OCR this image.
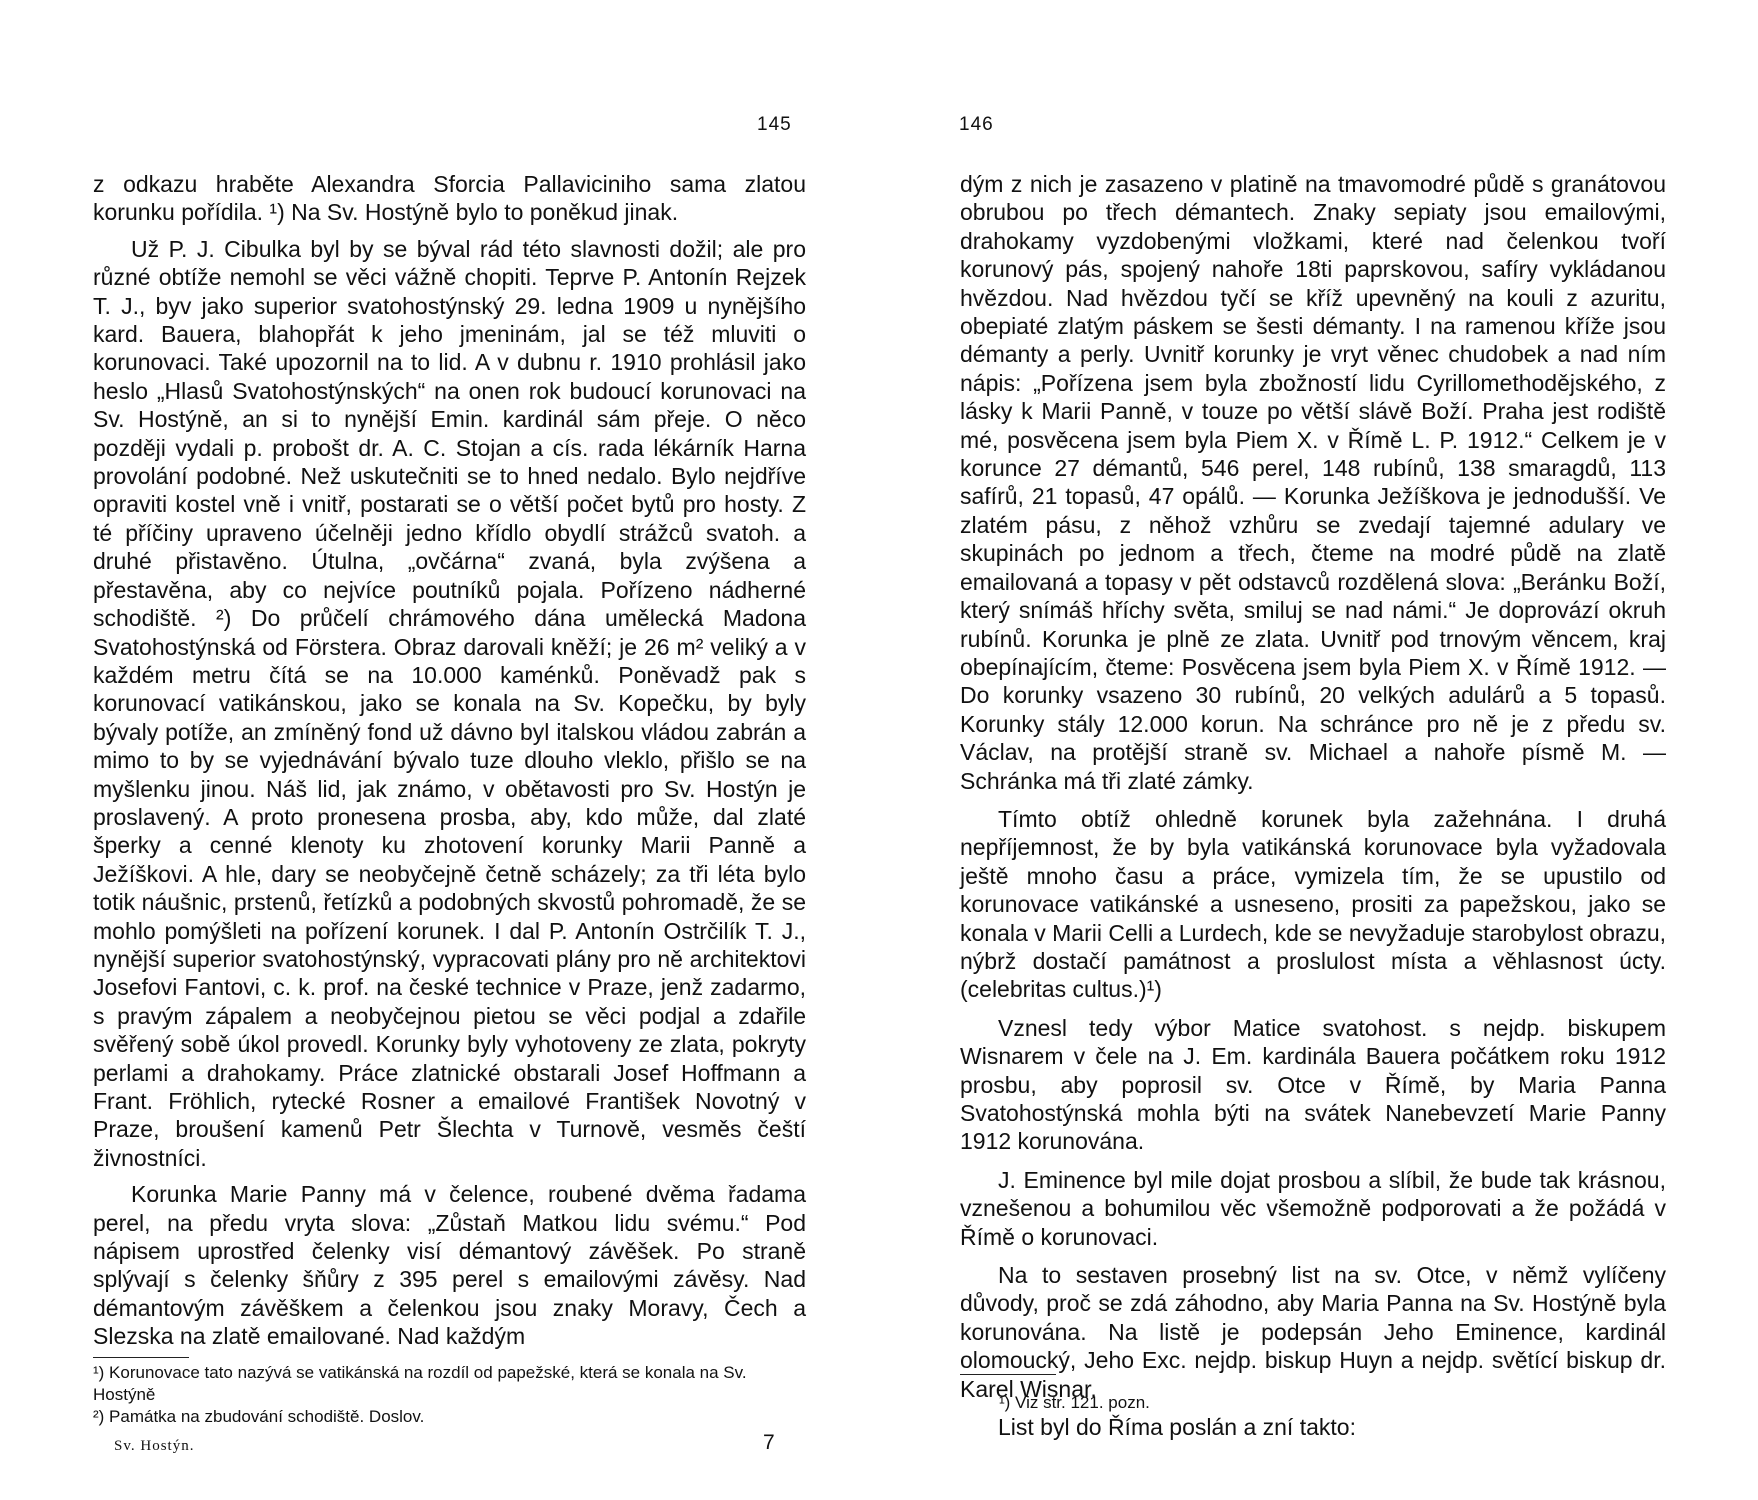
145

z odkazu hraběte Alexandra Sforcia Pallaviciniho sama zlatou korunku pořídila. ¹) Na Sv. Hostýně bylo to poněkud jinak.

Už P. J. Cibulka byl by se býval rád této slavnosti dožil; ale pro různé obtíže nemohl se věci vážně chopiti. Teprve P. Antonín Rejzek T. J., byv jako superior svatohostýnský 29. ledna 1909 u nynějšího kard. Bauera, blahopřát k jeho jmeninám, jal se též mluviti o korunovaci. Také upozornil na to lid. A v dubnu r. 1910 prohlásil jako heslo „Hlasů Svatohostýnských“ na onen rok budoucí korunovaci na Sv. Hostýně, an si to nynější Emin. kardinál sám přeje. O něco později vydali p. probošt dr. A. C. Stojan a cís. rada lékárník Harna provolání podobné. Než uskutečniti se to hned nedalo. Bylo nejdříve opraviti kostel vně i vnitř, postarati se o větší počet bytů pro hosty. Z té příčiny upraveno účelněji jedno křídlo obydlí strážců svatoh. a druhé přistavěno. Útulna, „ovčárna“ zvaná, byla zvýšena a přestavěna, aby co nejvíce poutníků pojala. Pořízeno nádherné schodiště. ²) Do průčelí chrámového dána umělecká Madona Svatohostýnská od Förstera. Obraz darovali kněží; je 26 m² veliký a v každém metru čítá se na 10.000 kaménků. Poněvadž pak s korunovací vatikánskou, jako se konala na Sv. Kopečku, by byly bývaly potíže, an zmíněný fond už dávno byl italskou vládou zabrán a mimo to by se vyjednávání bývalo tuze dlouho vleklo, přišlo se na myšlenku jinou. Náš lid, jak známo, v obětavosti pro Sv. Hostýn je proslavený. A proto pronesena prosba, aby, kdo může, dal zlaté šperky a cenné klenoty ku zhotovení korunky Marii Panně a Ježíškovi. A hle, dary se neobyčejně četně scházely; za tři léta bylo totik náušnic, prstenů, řetízků a podobných skvostů pohromadě, že se mohlo pomýšleti na pořízení korunek. I dal P. Antonín Ostrčilík T. J., nynější superior svatohostýnský, vypracovati plány pro ně architektovi Josefovi Fantovi, c. k. prof. na české technice v Praze, jenž zadarmo, s pravým zápalem a neobyčejnou pietou se věci podjal a zdařile svěřený sobě úkol provedl. Korunky byly vyhotoveny ze zlata, pokryty perlami a drahokamy. Práce zlatnické obstarali Josef Hoffmann a Frant. Fröhlich, rytecké Rosner a emailové František Novotný v Praze, broušení kamenů Petr Šlechta v Turnově, vesměs čeští živnostníci.

Korunka Marie Panny má v čelence, roubené dvěma řadama perel, na předu vryta slova: „Zůstaň Matkou lidu svému.“ Pod nápisem uprostřed čelenky visí démantový závěšek. Po straně splývají s čelenky šňůry z 395 perel s emailovými závěsy. Nad démantovým závěškem a čelenkou jsou znaky Moravy, Čech a Slezska na zlatě emailované. Nad každým

¹) Korunovace tato nazývá se vatikánská na rozdíl od papežské, která se konala na Sv. Hostýně

²) Památka na zbudování schodiště. Doslov.

Sv. Hostýn.	7
146

dým z nich je zasazeno v platině na tmavomodré půdě s granátovou obrubou po třech démantech. Znaky sepiaty jsou emailovými, drahokamy vyzdobenými vložkami, které nad čelenkou tvoří korunový pás, spojený nahoře 18ti paprskovou, safíry vykládanou hvězdou. Nad hvězdou tyčí se kříž upevněný na kouli z azuritu, obepiaté zlatým páskem se šesti démanty. I na ramenou kříže jsou démanty a perly. Uvnitř korunky je vryt věnec chudobek a nad ním nápis: „Pořízena jsem byla zbožností lidu Cyrillomethodějského, z lásky k Marii Panně, v touze po větší slávě Boží. Praha jest rodiště mé, posvěcena jsem byla Piem X. v Římě L. P. 1912.“ Celkem je v korunce 27 démantů, 546 perel, 148 rubínů, 138 smaragdů, 113 safírů, 21 topasů, 47 opálů. — Korunka Ježíškova je jednodušší. Ve zlatém pásu, z něhož vzhůru se zvedají tajemné adulary ve skupinách po jednom a třech, čteme na modré půdě na zlatě emailovaná a topasy v pět odstavců rozdělená slova: „Beránku Boží, který snímáš hříchy světa, smiluj se nad námi.“ Je doprovází okruh rubínů. Korunka je plně ze zlata. Uvnitř pod trnovým věncem, kraj obepínajícím, čteme: Posvěcena jsem byla Piem X. v Římě 1912. — Do korunky vsazeno 30 rubínů, 20 velkých adulárů a 5 topasů. Korunky stály 12.000 korun. Na schránce pro ně je z předu sv. Václav, na protější straně sv. Michael a nahoře písmě M. — Schránka má tři zlaté zámky.

Tímto obtíž ohledně korunek byla zažehnána. I druhá nepříjemnost, že by byla vatikánská korunovace byla vyžadovala ještě mnoho času a práce, vymizela tím, že se upustilo od korunovace vatikánské a usneseno, prositi za papežskou, jako se konala v Marii Celli a Lurdech, kde se nevyžaduje starobylost obrazu, nýbrž dostačí památnost a proslulost místa a věhlasnost úcty. (celebritas cultus.)¹)

Vznesl tedy výbor Matice svatohost. s nejdp. biskupem Wisnarem v čele na J. Em. kardinála Bauera počátkem roku 1912 prosbu, aby poprosil sv. Otce v Římě, by Maria Panna Svatohostýnská mohla býti na svátek Nanebevzetí Marie Panny 1912 korunována.

J. Eminence byl mile dojat prosbou a slíbil, že bude tak krásnou, vznešenou a bohumilou věc všemožně podporovati a že požádá v Římě o korunovaci.

Na to sestaven prosebný list na sv. Otce, v němž vylíčeny důvody, proč se zdá záhodno, aby Maria Panna na Sv. Hostýně byla korunována. Na listě je podepsán Jeho Eminence, kardinál olomoucký, Jeho Exc. nejdp. biskup Huyn a nejdp. světící biskup dr. Karel Wisnar.

List byl do Říma poslán a zní takto:

¹) Viz str. 121. pozn.
